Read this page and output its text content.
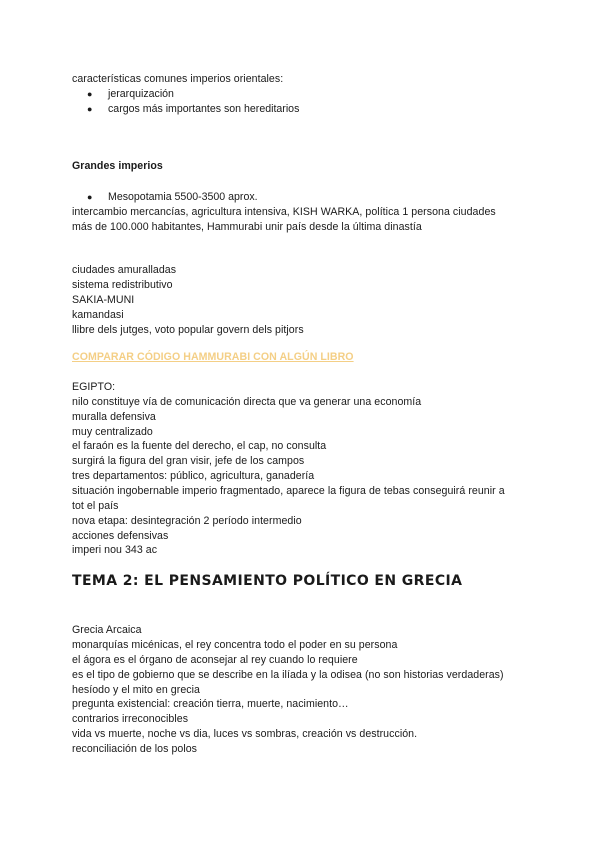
características comunes imperios orientales:
● jerarquización
● cargos más importantes son hereditarios
Grandes imperios
● Mesopotamia 5500-3500 aprox.
intercambio mercancías, agricultura intensiva, KISH WARKA, política 1 persona ciudades
más de 100.000 habitantes, Hammurabi unir país desde la última dinastía
ciudades amuralladas
sistema redistributivo
SAKIA-MUNI
kamandasi
llibre dels jutges, voto popular govern dels pitjors
COMPARAR CÓDIGO HAMMURABI CON ALGÚN LIBRO
EGIPTO:
nilo constituye vía de comunicación directa que va generar una economía
muralla defensiva
muy centralizado
el faraón es la fuente del derecho, el cap, no consulta
surgirá la figura del gran visir, jefe de los campos
tres departamentos: público, agricultura, ganadería
situación ingobernable imperio fragmentado, aparece la figura de tebas conseguirá reunir a
tot el país
nova etapa: desintegración 2 período intermedio
acciones defensivas
imperi nou 343 ac
TEMA 2: EL PENSAMIENTO POLÍTICO EN GRECIA
Grecia Arcaica
monarquías micénicas, el rey concentra todo el poder en su persona
el ágora es el órgano de aconsejar al rey cuando lo requiere
es el tipo de gobierno que se describe en la ilíada y la odisea (no son historias verdaderas)
hesíodo y el mito en grecia
pregunta existencial: creación tierra, muerte, nacimiento…
contrarios irreconocibles
vida vs muerte, noche vs dia, luces vs sombras, creación vs destrucción.
reconciliación de los polos
